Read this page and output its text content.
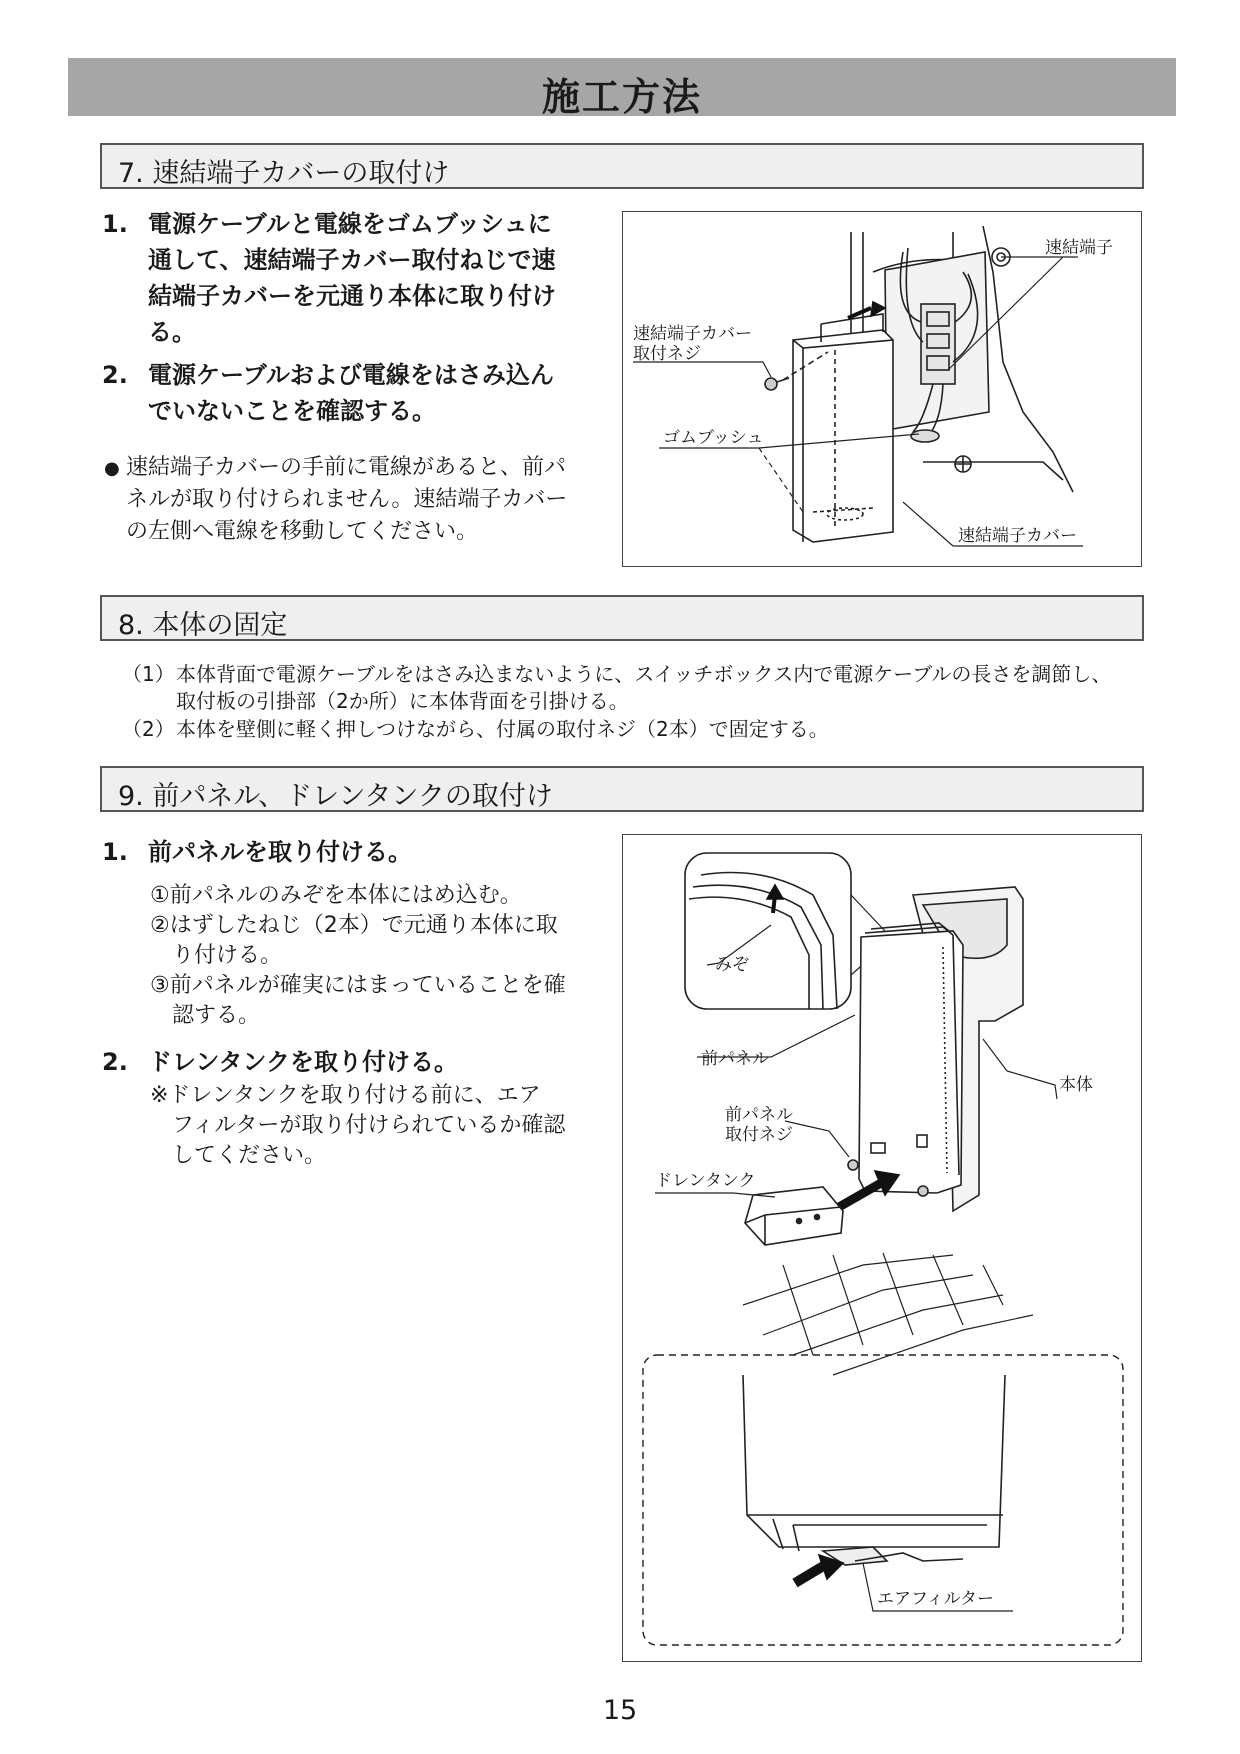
施工方法
7. 速結端子カバーの取付け
1. 電源ケーブルと電線をゴムブッシュに
通して、速結端子カバー取付ねじで速
結端子カバーを元通り本体に取り付け
る。
2. 電源ケーブルおよび電線をはさみ込ん
でいないことを確認する。
● 速結端子カバーの手前に電線があると、前パ
ネルが取り付けられません。速結端子カバー
の左側へ電線を移動してください。
速結端子
速結端子カバー
取付ネジ
ゴムブッシュ
速結端子カバー
8. 本体の固定
（1） 本体背面で電源ケーブルをはさみ込まないように、スイッチボックス内で電源ケーブルの長さを調節し、
取付板の引掛部（2か所）に本体背面を引掛ける。
（2） 本体を壁側に軽く押しつけながら、付属の取付ネジ（2本）で固定する。
9. 前パネル、ドレンタンクの取付け
1. 前パネルを取り付ける。
①前パネルのみぞを本体にはめ込む。
②はずしたねじ（2本）で元通り本体に取
り付ける。
③前パネルが確実にはまっていることを確
認する。
2. ドレンタンクを取り付ける。
※ドレンタンクを取り付ける前に、エア
フィルターが取り付けられているか確認
してください。
みぞ
前パネル
本体
前パネル
取付ネジ
ドレンタンク
エアフィルター
15
